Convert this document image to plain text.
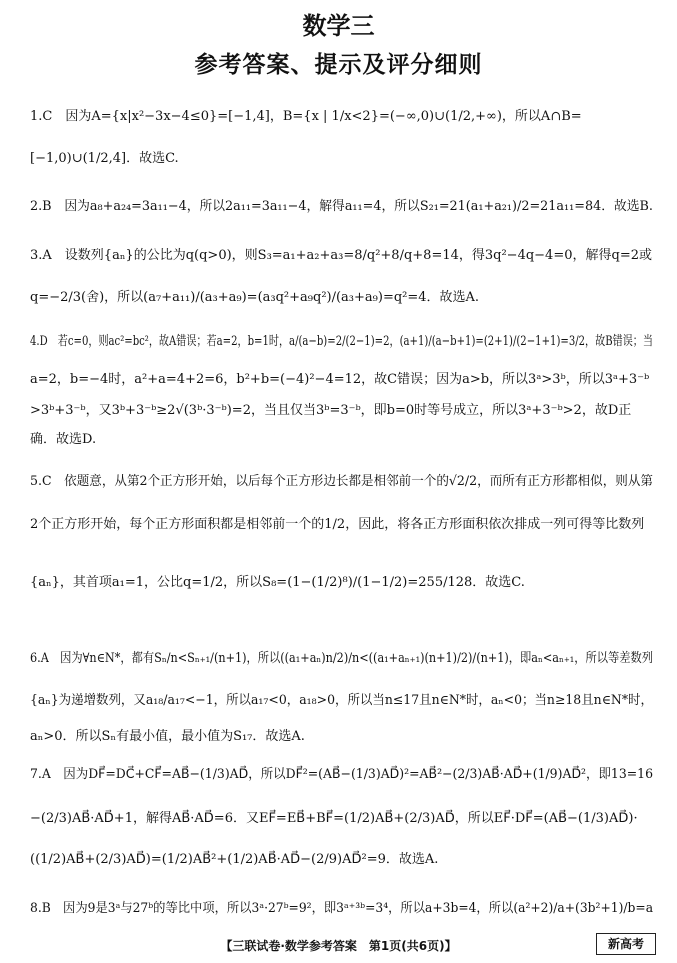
数学三
参考答案、提示及评分细则
1.C　因为A={x|x²−3x−4≤0}=[−1,4]，B={x | 1/x<2}=(−∞,0)∪(1/2,+∞)，所以A∩B=
[−1,0)∪(1/2,4]．故选C.
2.B　因为a₈+a₂₄=3a₁₁−4，所以2a₁₁=3a₁₁−4，解得a₁₁=4，所以S₂₁=21(a₁+a₂₁)/2=21a₁₁=84．故选B.
3.A　设数列{aₙ}的公比为q(q>0)，则S₃=a₁+a₂+a₃=8/q²+8/q+8=14，得3q²−4q−4=0，解得q=2或
q=−2/3(舍)，所以(a₇+a₁₁)/(a₃+a₉)=(a₃q²+a₉q²)/(a₃+a₉)=q²=4．故选A.
4.D　若c=0，则ac²=bc²，故A错误；若a=2，b=1时，a/(a−b)=2/(2−1)=2，(a+1)/(a−b+1)=(2+1)/(2−1+1)=3/2，故B错误；当
a=2，b=−4时，a²+a=4+2=6，b²+b=(−4)²−4=12，故C错误；因为a>b，所以3ᵃ>3ᵇ，所以3ᵃ+3⁻ᵇ
>3ᵇ+3⁻ᵇ，又3ᵇ+3⁻ᵇ≥2√(3ᵇ·3⁻ᵇ)=2，当且仅当3ᵇ=3⁻ᵇ，即b=0时等号成立，所以3ᵃ+3⁻ᵇ>2，故D正
确．故选D.
5.C　依题意，从第2个正方形开始，以后每个正方形边长都是相邻前一个的√2/2，而所有正方形都相似，则从第
2个正方形开始，每个正方形面积都是相邻前一个的1/2，因此，将各正方形面积依次排成一列可得等比数列
{aₙ}，其首项a₁=1，公比q=1/2，所以S₈=(1−(1/2)⁸)/(1−1/2)=255/128．故选C.
6.A　因为∀n∈N*，都有Sₙ/n<Sₙ₊₁/(n+1)，所以((a₁+aₙ)n/2)/n<((a₁+aₙ₊₁)(n+1)/2)/(n+1)，即aₙ<aₙ₊₁，所以等差数列
{aₙ}为递增数列，又a₁₈/a₁₇<−1，所以a₁₇<0，a₁₈>0，所以当n≤17且n∈N*时，aₙ<0；当n≥18且n∈N*时，
aₙ>0．所以Sₙ有最小值，最小值为S₁₇．故选A.
7.A　因为DF⃗=DC⃗+CF⃗=AB⃗−(1/3)AD⃗，所以DF⃗²=(AB⃗−(1/3)AD⃗)²=AB⃗²−(2/3)AB⃗·AD⃗+(1/9)AD⃗²，即13=16
−(2/3)AB⃗·AD⃗+1，解得AB⃗·AD⃗=6．又EF⃗=EB⃗+BF⃗=(1/2)AB⃗+(2/3)AD⃗，所以EF⃗·DF⃗=(AB⃗−(1/3)AD⃗)·
((1/2)AB⃗+(2/3)AD⃗)=(1/2)AB⃗²+(1/2)AB⃗·AD⃗−(2/9)AD⃗²=9．故选A.
8.B　因为9是3ᵃ与27ᵇ的等比中项，所以3ᵃ·27ᵇ=9²，即3ᵃ⁺³ᵇ=3⁴，所以a+3b=4，所以(a²+2)/a+(3b²+1)/b=a
【三联试卷·数学参考答案　第1页(共6页)】	新高考
